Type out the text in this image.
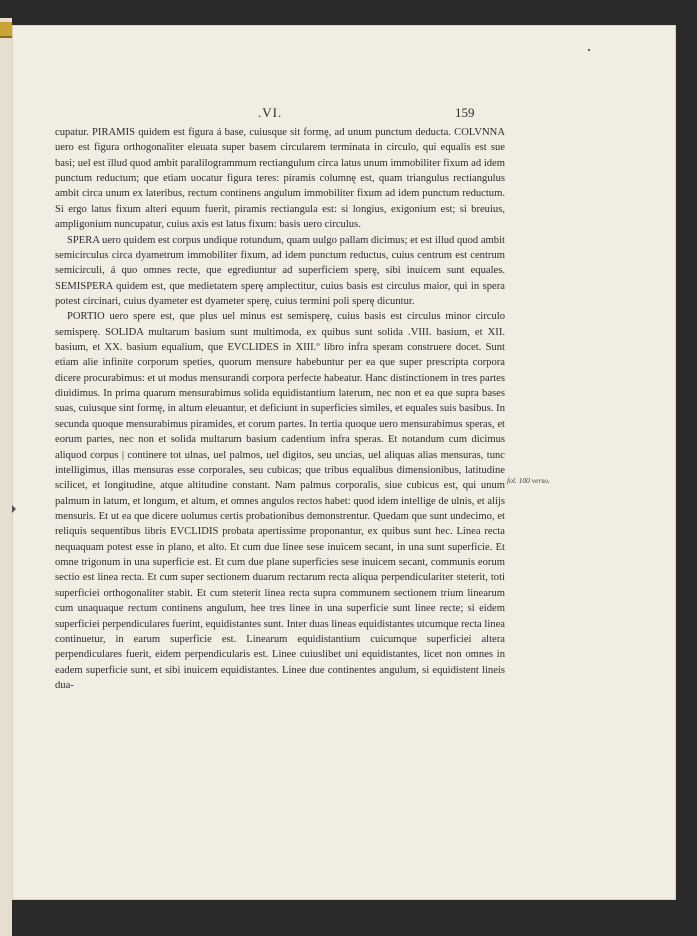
.VI.	159

cupatur. PIRAMIS quidem est figura á base, cuiusque sit formę, ad unum punctum deducta. COLVNNA uero est figura orthogonaliter eleuata super basem circularem terminata in circulo, qui equalis est sue basi; uel est illud quod ambit paralilogrammum rectiangulum circa latus unum immobiliter fixum ad idem punctum reductum; que etiam uocatur figura teres: piramis columnę est, quam triangulus rectiangulus ambit circa unum ex lateribus, rectum continens angulum immobiliter fixum ad idem punctum reductum. Si ergo latus fixum alteri equum fuerit, piramis rectiangula est: si longius, exigonium est; si breuius, ampligonium nuncupatur, cuius axis est latus fixum: basis uero circulus.

SPERA uero quidem est corpus undique rotundum, quam uulgo pallam dicimus; et est illud quod ambit semicirculus circa dyametrum immobiliter fixum, ad idem punctum reductus, cuius centrum est centrum semicirculi, á quo omnes recte, que egrediuntur ad superficiem sperę, sibi inuicem sunt equales. SEMISPERA quidem est, que medietatem sperę amplectitur, cuius basis est circulus maior, qui in spera potest circinari, cuius dyameter est dyameter sperę, cuius termini poli sperę dicuntur.

PORTIO uero spere est, que plus uel minus est semisperę, cuius basis est circulus minor circulo semisperę. SOLIDA multarum basium sunt multimoda, ex quibus sunt solida .VIII. basium, et XII. basium, et XX. basium equalium, que EVCLIDES in XIII.º libro infra speram construere docet. Sunt etiam alie infinite corporum speties, quorum mensure habebuntur per ea que super prescripta corpora dicere procurabimus: et ut modus mensurandi corpora perfecte habeatur. Hanc distinctionem in tres partes diuidimus. In prima quarum mensurabimus solida equidistantium laterum, nec non et ea que supra bases suas, cuiusque sint formę, in altum eleuantur, et deficiunt in superficies similes, et equales suis basibus. In secunda quoque mensurabimus piramides, et corum partes. In tertia quoque uero mensurabimus speras, et eorum partes, nec non et solida multarum basium cadentium infra speras. Et notandum cum dicimus aliquod corpus | continere tot ulnas, uel palmos, uel digitos, seu uncias, uel aliquas alias mensuras, tunc intelligimus, illas mensuras esse corporales, seu cubicas; que tribus equalibus dimensionibus, latitudine scilicet, et longitudine, atque altitudine constant. Nam palmus corporalis, siue cubicus est, qui unum palmum in latum, et longum, et altum, et omnes angulos rectos habet: quod idem intellige de ulnis, et alijs mensuris. Et ut ea que dicere uolumus certis probationibus demonstrentur. Quedam que sunt undecimo, et reliquis sequentibus libris EVCLIDIS probata apertissime proponantur, ex quibus sunt hec. Linea recta nequaquam potest esse in plano, et alto. Et cum due linee sese inuicem secant, in una sunt superficie. Et omne trigonum in una superficie est. Et cum due plane superficies sese inuicem secant, communis eorum sectio est linea recta. Et cum super sectionem duarum rectarum recta aliqua perpendiculariter steterit, toti superficiei orthogonaliter stabit. Et cum steterit linea recta supra communem sectionem trium linearum cum unaquaque rectum continens angulum, hee tres linee in una superficie sunt linee recte; si eidem superficiei perpendiculares fuerint, equidistantes sunt. Inter duas lineas equidistantes utcumque recta linea continuetur, in earum superficie est. Linearum equidistantium cuicumque superficiei altera perpendiculares fuerit, eidem perpendicularis est. Linee cuiuslibet uni equidistantes, licet non omnes in eadem superficie sunt, et sibi inuicem equidistantes. Linee due continentes angulum, si equidistent lineis dua-

fol. 100 verso.
